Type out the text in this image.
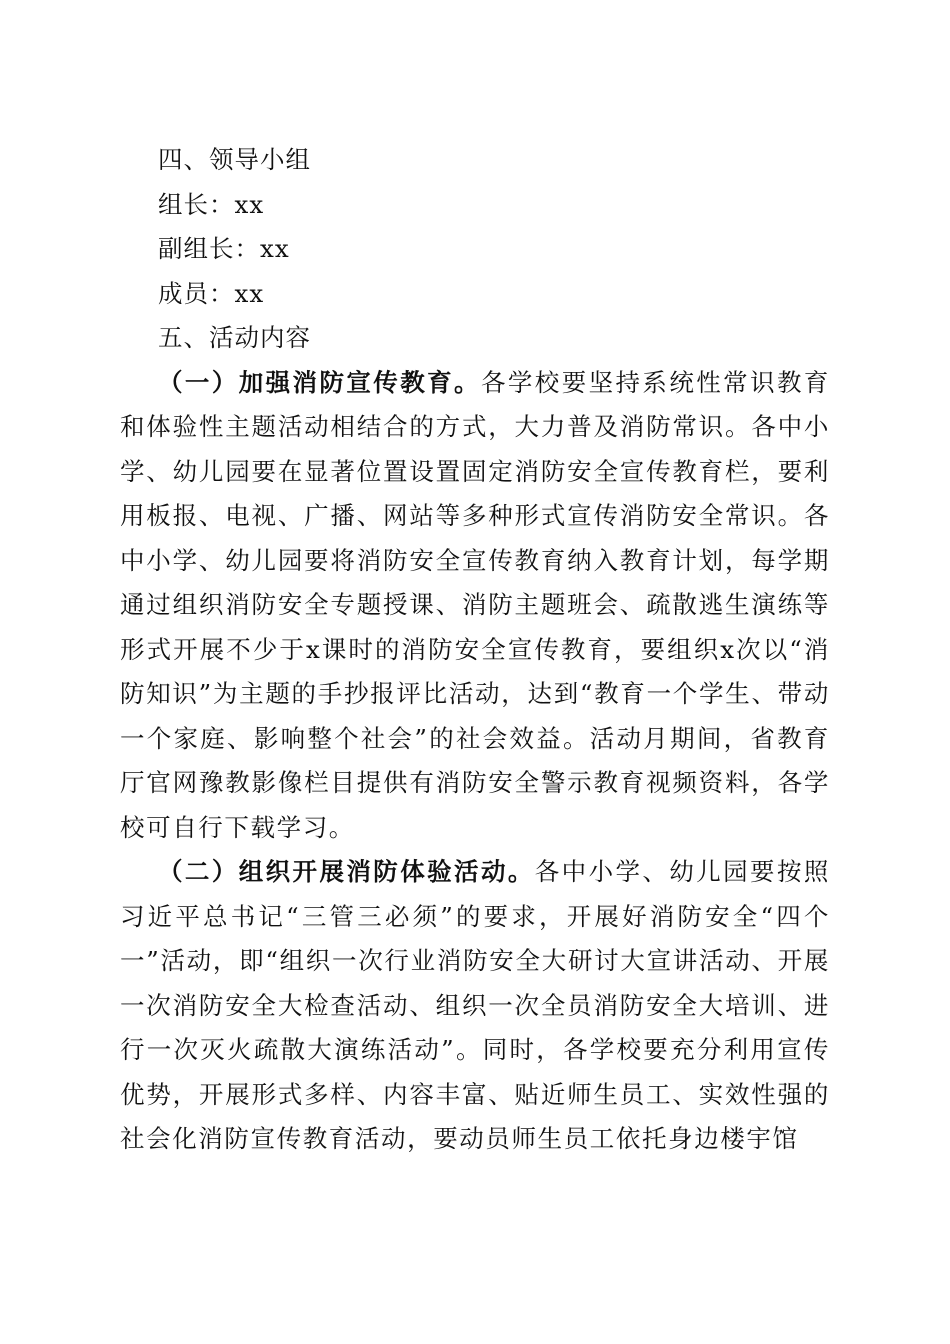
四、领导小组

组长：xx

副组长：xx

成员：xx

五、活动内容

（一）加强消防宣传教育。各学校要坚持系统性常识教育和体验性主题活动相结合的方式，大力普及消防常识。各中小学、幼儿园要在显著位置设置固定消防安全宣传教育栏，要利用板报、电视、广播、网站等多种形式宣传消防安全常识。各中小学、幼儿园要将消防安全宣传教育纳入教育计划，每学期通过组织消防安全专题授课、消防主题班会、疏散逃生演练等形式开展不少于x课时的消防安全宣传教育，要组织x次以“消防知识”为主题的手抄报评比活动，达到“教育一个学生、带动一个家庭、影响整个社会”的社会效益。活动月期间，省教育厅官网豫教影像栏目提供有消防安全警示教育视频资料，各学校可自行下载学习。

（二）组织开展消防体验活动。各中小学、幼儿园要按照习近平总书记“三管三必须”的要求，开展好消防安全“四个一”活动，即“组织一次行业消防安全大研讨大宣讲活动、开展一次消防安全大检查活动、组织一次全员消防安全大培训、进行一次灭火疏散大演练活动”。同时，各学校要充分利用宣传优势，开展形式多样、内容丰富、贴近师生员工、实效性强的社会化消防宣传教育活动，要动员师生员工依托身边楼宇馆
